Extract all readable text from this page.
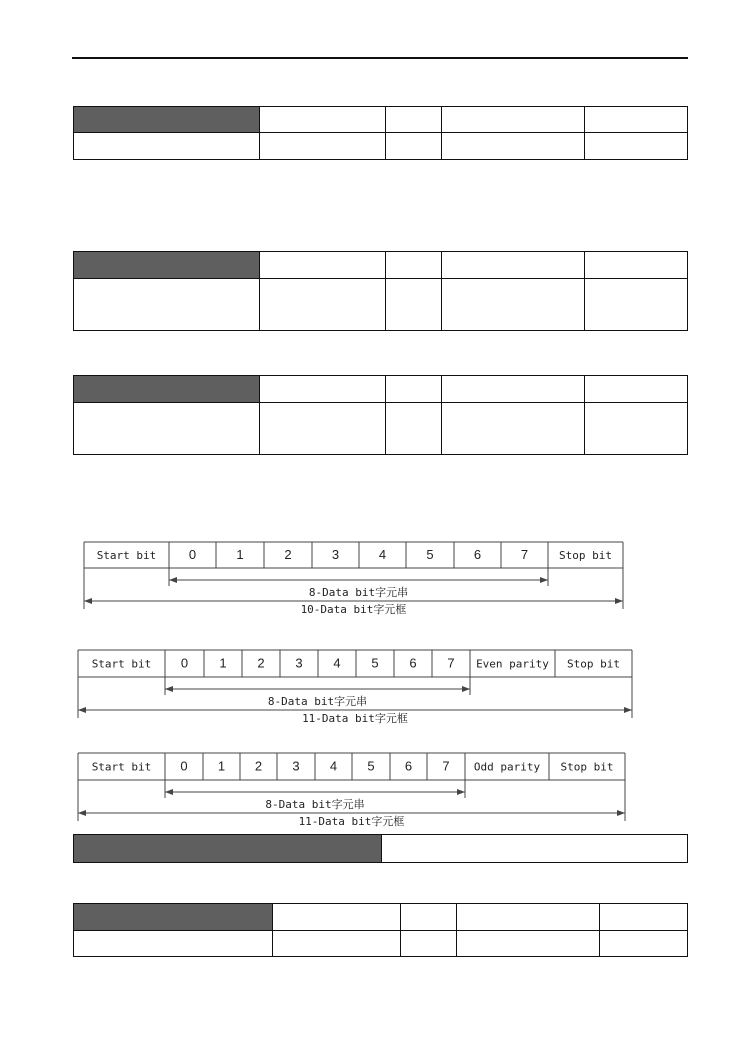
Start bit	0	1	2	3	4	5	6	7	Stop bit
8-Data bit字元串
10-Data bit字元框
Start bit 0 1 2 3 4 5 6 7 Even parity Stop bit
8-Data bit字元串
11-Data bit字元框
Start bit 0 1 2 3 4 5 6 7 Odd parity Stop bit
8-Data bit字元串
11-Data bit字元框
